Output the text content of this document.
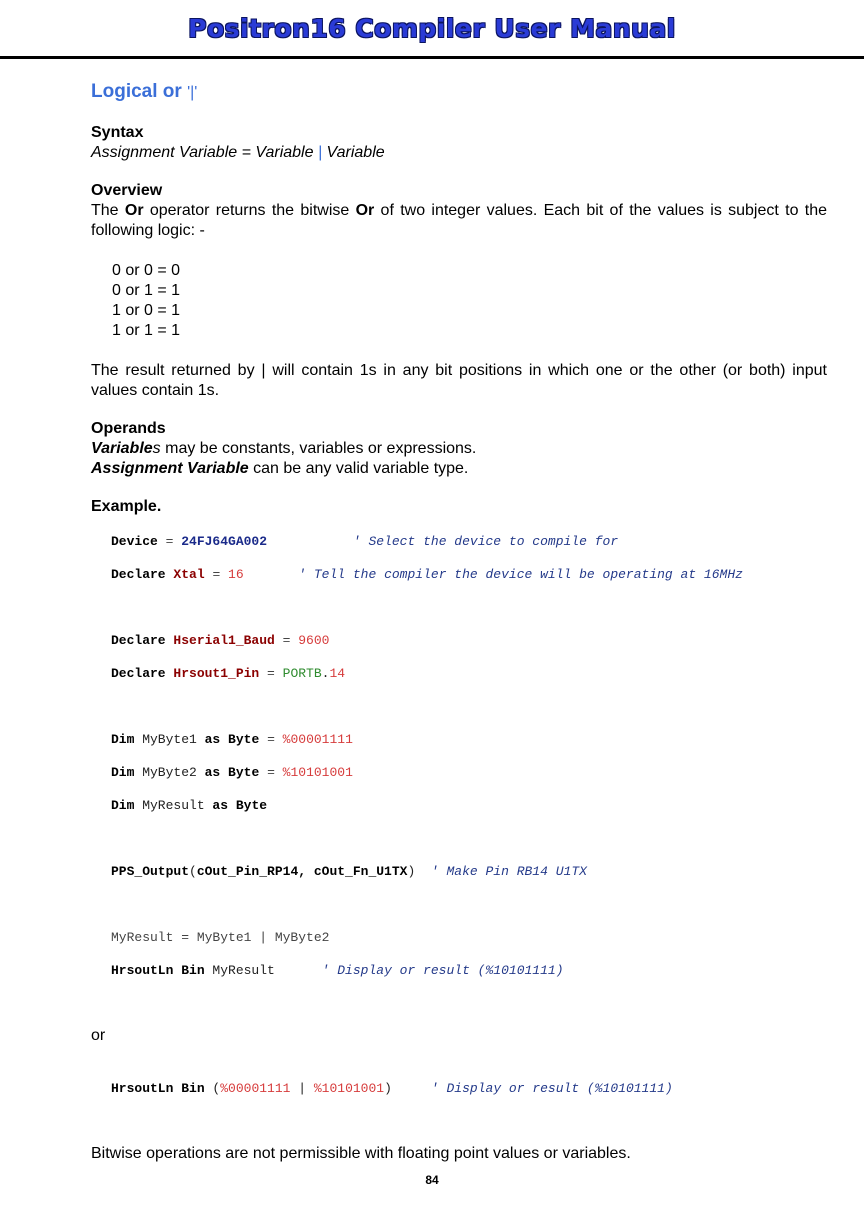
Positron16 Compiler User Manual
Logical or '|'
Syntax
Assignment Variable = Variable | Variable
Overview
The Or operator returns the bitwise Or of two integer values. Each bit of the values is subject to the following logic: -
0 or 0 = 0
0 or 1 = 1
1 or 0 = 1
1 or 1 = 1
The result returned by | will contain 1s in any bit positions in which one or the other (or both) input values contain 1s.
Operands
Variables may be constants, variables or expressions.
Assignment Variable can be any valid variable type.
Example.

Device = 24FJ64GA002	' Select the device to compile for

Declare Xtal = 16	' Tell the compiler the device will be operating at 16MHz

Declare Hserial1_Baud = 9600

Declare Hrsout1_Pin = PORTB.14

Dim MyByte1 as Byte = %00001111

Dim MyByte2 as Byte = %10101001

Dim MyResult as Byte

PPS_Output(cOut_Pin_RP14, cOut_Fn_U1TX) ' Make Pin RB14 U1TX

MyResult = MyByte1 | MyByte2

HrsoutLn Bin MyResult	' Display or result (%10101111)

or

HrsoutLn Bin (%00001111 | %10101001)	' Display or result (%10101111)

Bitwise operations are not permissible with floating point values or variables.
84
